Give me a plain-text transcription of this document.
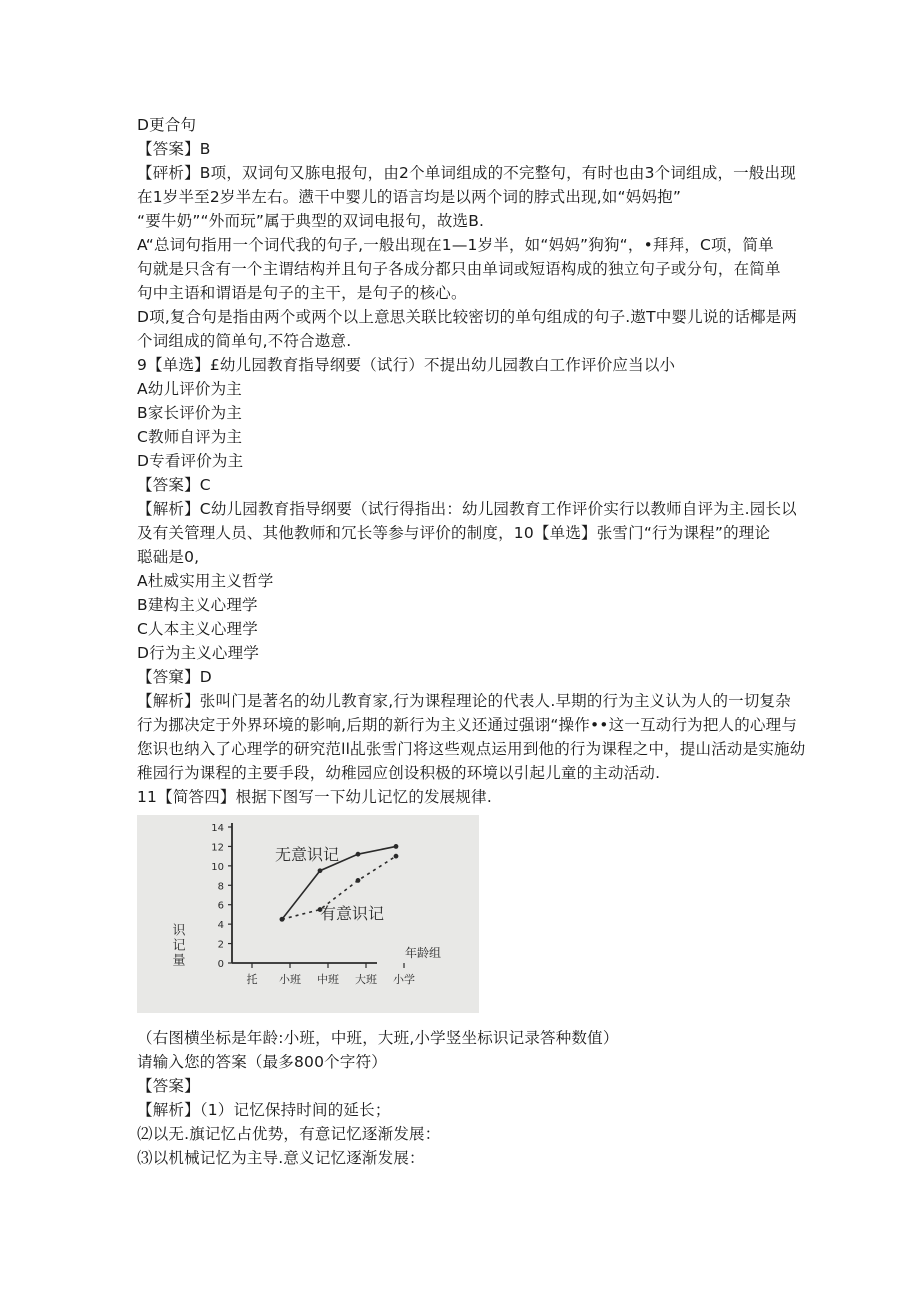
D更合句
【答案】B
【砰析】B项，双词句又胨电报句，由2个单词组成的不完整句，有时也由3个词组成，一般出现
在1岁半至2岁半左右。懑干中婴儿的语言均是以两个词的脖式出现,如“妈妈抱”
“要牛奶”“外而玩”属于典型的双词电报句，故选B.
A“总词句指用一个词代我的句子,一般出现在1—1岁半，如“妈妈”狗狗“，•拜拜，C项，简单
句就是只含有一个主谓结构并且句子各成分都只由单词或短语构成的独立句子或分句，在简单
句中主语和谓语是句子的主干，是句子的核心。
D项,复合句是指由两个或两个以上意思关联比较密切的单句组成的句子.遨T中婴儿说的话椰是两
个词组成的简单句,不符合遨意.
9【单选】£幼儿园教育指导纲要（试行）不提出幼儿园教白工作评价应当以小
A幼儿评价为主
B家长评价为主
C教师自评为主
D专看评价为主
【答案】C
【解析】C幼儿园教育指导纲要（试行得指出：幼儿园教育工作评价实行以教师自评为主.园长以
及有关管理人员、其他教师和冗长等参与评价的制度，10【单选】张雪门“行为课程”的理论
聪础是0,
A杜威实用主义哲学
B建构主义心理学
C人本主义心理学
D行为主义心理学
【答窠】D
【解析】张叫门是著名的幼儿教育家,行为课程理论的代表人.早期的行为主义认为人的一切复杂
行为挪决定于外界环境的影响,后期的新行为主义还通过强诩“操作••这一互动行为把人的心理与
您识也纳入了心理学的研究范ll乩张雪门将这些观点运用到他的行为课程之中，提山活动是实施幼
稚园行为课程的主要手段，幼稚园应创设积极的环境以引起儿童的主动活动.
11【简答四】根据下图写一下幼儿记忆的发展规律.
0
2
4
6
8
10
12
14
托 小班 中班 大班 小学
识记量	年龄组
无意识记
有意识记
（右图横坐标是年龄:小班，中班，大班,小学竖坐标识记录答种数值）
请输入您的答案（最多800个字符）
【答案】
【解析】（1）记忆保持时间的延长；
⑵以无.旗记忆占优势，有意记忆逐渐发展：
⑶以机械记忆为主导.意义记忆逐渐发展：
